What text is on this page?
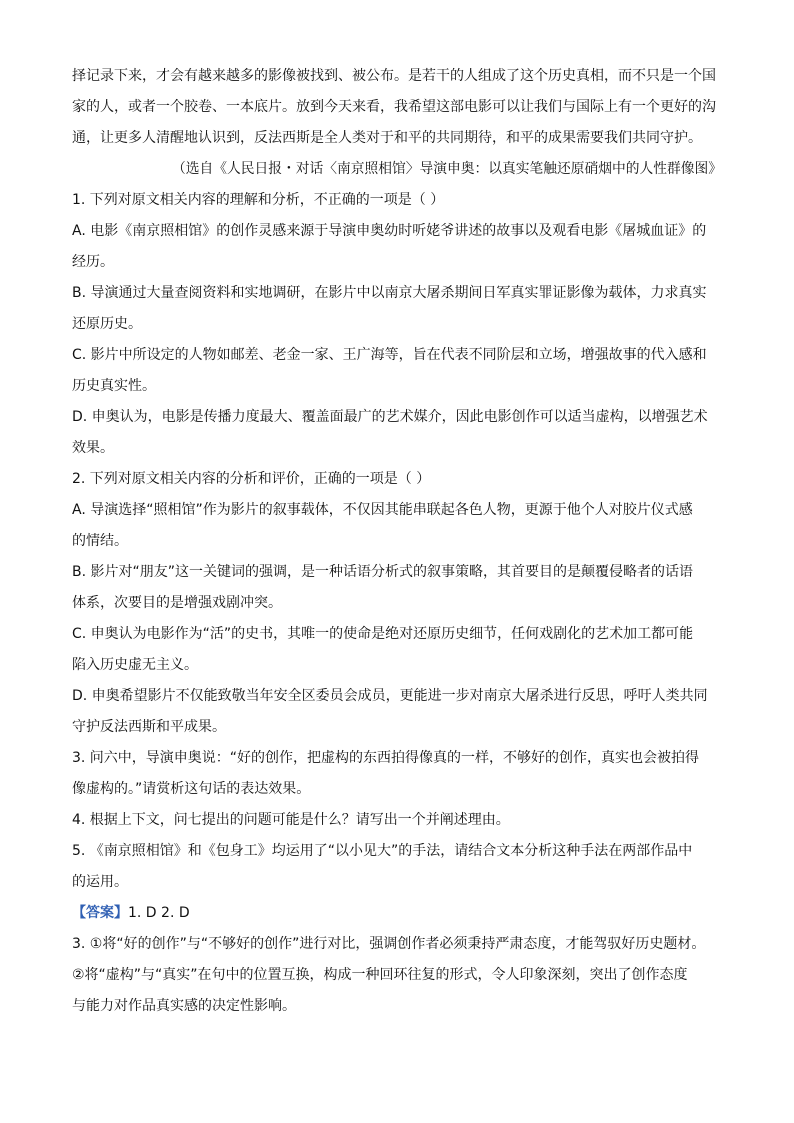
择记录下来，才会有越来越多的影像被找到、被公布。是若干的人组成了这个历史真相，而不只是一个国
家的人，或者一个胶卷、一本底片。放到今天来看，我希望这部电影可以让我们与国际上有一个更好的沟
通，让更多人清醒地认识到，反法西斯是全人类对于和平的共同期待，和平的成果需要我们共同守护。
（选自《人民日报・对话〈南京照相馆〉导演申奥：以真实笔触还原硝烟中的人性群像图》
1. 下列对原文相关内容的理解和分析，不正确的一项是（ ）
A. 电影《南京照相馆》的创作灵感来源于导演申奥幼时听姥爷讲述的故事以及观看电影《屠城血证》的
经历。
B. 导演通过大量查阅资料和实地调研，在影片中以南京大屠杀期间日军真实罪证影像为载体，力求真实
还原历史。
C. 影片中所设定的人物如邮差、老金一家、王广海等，旨在代表不同阶层和立场，增强故事的代入感和
历史真实性。
D. 申奥认为，电影是传播力度最大、覆盖面最广的艺术媒介，因此电影创作可以适当虚构，以增强艺术
效果。
2. 下列对原文相关内容的分析和评价，正确的一项是（ ）
A. 导演选择“照相馆”作为影片的叙事载体，不仅因其能串联起各色人物，更源于他个人对胶片仪式感
的情结。
B. 影片对“朋友”这一关键词的强调，是一种话语分析式的叙事策略，其首要目的是颠覆侵略者的话语
体系，次要目的是增强戏剧冲突。
C. 申奥认为电影作为“活”的史书，其唯一的使命是绝对还原历史细节，任何戏剧化的艺术加工都可能
陷入历史虚无主义。
D. 申奥希望影片不仅能致敬当年安全区委员会成员，更能进一步对南京大屠杀进行反思，呼吁人类共同
守护反法西斯和平成果。
3. 问六中，导演申奥说：“好的创作，把虚构的东西拍得像真的一样，不够好的创作，真实也会被拍得
像虚构的。”请赏析这句话的表达效果。
4. 根据上下文，问七提出的问题可能是什么？请写出一个并阐述理由。
5. 《南京照相馆》和《包身工》均运用了“以小见大”的手法，请结合文本分析这种手法在两部作品中
的运用。
【答案】1. D 2. D
3. ①将“好的创作”与“不够好的创作”进行对比，强调创作者必须秉持严肃态度，才能驾驭好历史题材。
②将“虚构”与“真实”在句中的位置互换，构成一种回环往复的形式，令人印象深刻，突出了创作态度
与能力对作品真实感的决定性影响。
